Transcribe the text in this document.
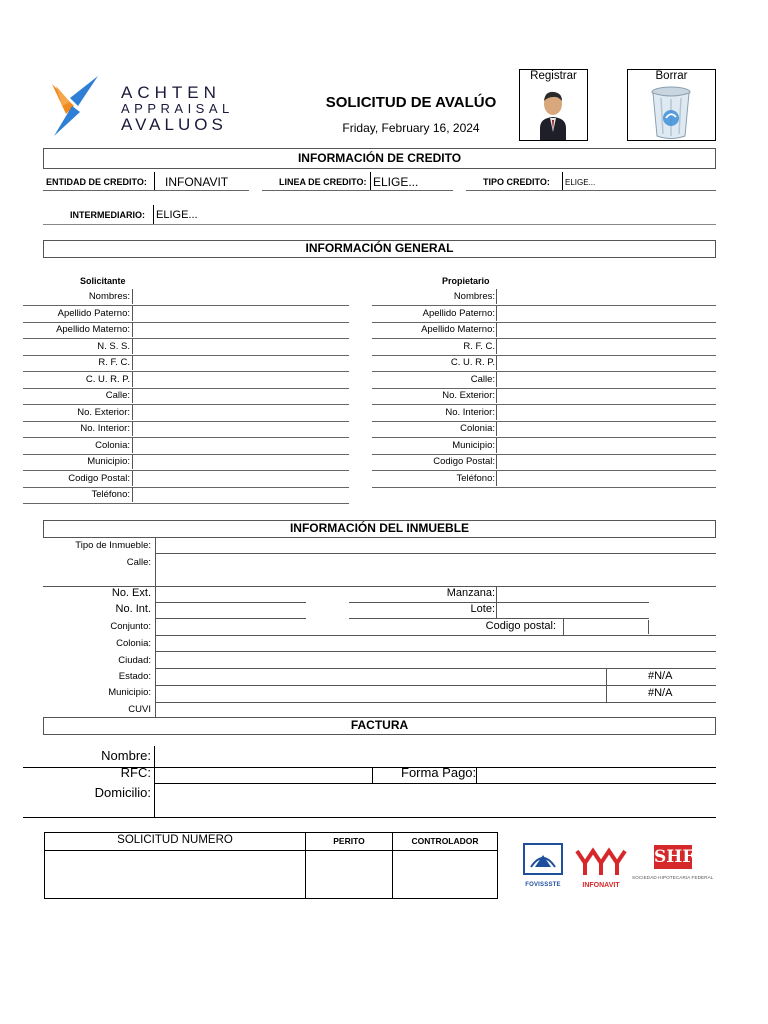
ACHTEN
APPRAISAL
AVALUOS
SOLICITUD DE AVALÚO
Friday, February 16, 2024
Registrar	Borrar
INFORMACIÓN DE CREDITO
ENTIDAD DE CREDITO: INFONAVIT	LINEA DE CREDITO: ELIGE...	TIPO CREDITO: ELIGE...
INTERMEDIARIO: ELIGE...
INFORMACIÓN GENERAL
Solicitante	Propietario
Nombres:
Apellido Paterno:
Apellido Materno:
N. S. S.
R. F. C.
C. U. R. P.
Calle:
No. Exterior:
No. Interior:
Colonia:
Municipio:
Codigo Postal:
Teléfono:
Nombres:
Apellido Paterno:
Apellido Materno:
R. F. C.
C. U. R. P.
Calle:
No. Exterior:
No. Interior:
Colonia:
Municipio:
Codigo Postal:
Teléfono:
INFORMACIÓN DEL INMUEBLE
Tipo de Inmueble:
Calle:
No. Ext.
No. Int.
Manzana:
Lote:
Conjunto:	Codigo postal:
Colonia:
Ciudad:
Estado:	#N/A
Municipio:	#N/A
CUVI
FACTURA
Nombre:
RFC:	Forma Pago:
Domicilio:
SOLICITUD NUMERO	PERITO	CONTROLADOR
FOVISSSTE	INFONAVIT
SHF
SOCIEDAD HIPOTECARIA FEDERAL
